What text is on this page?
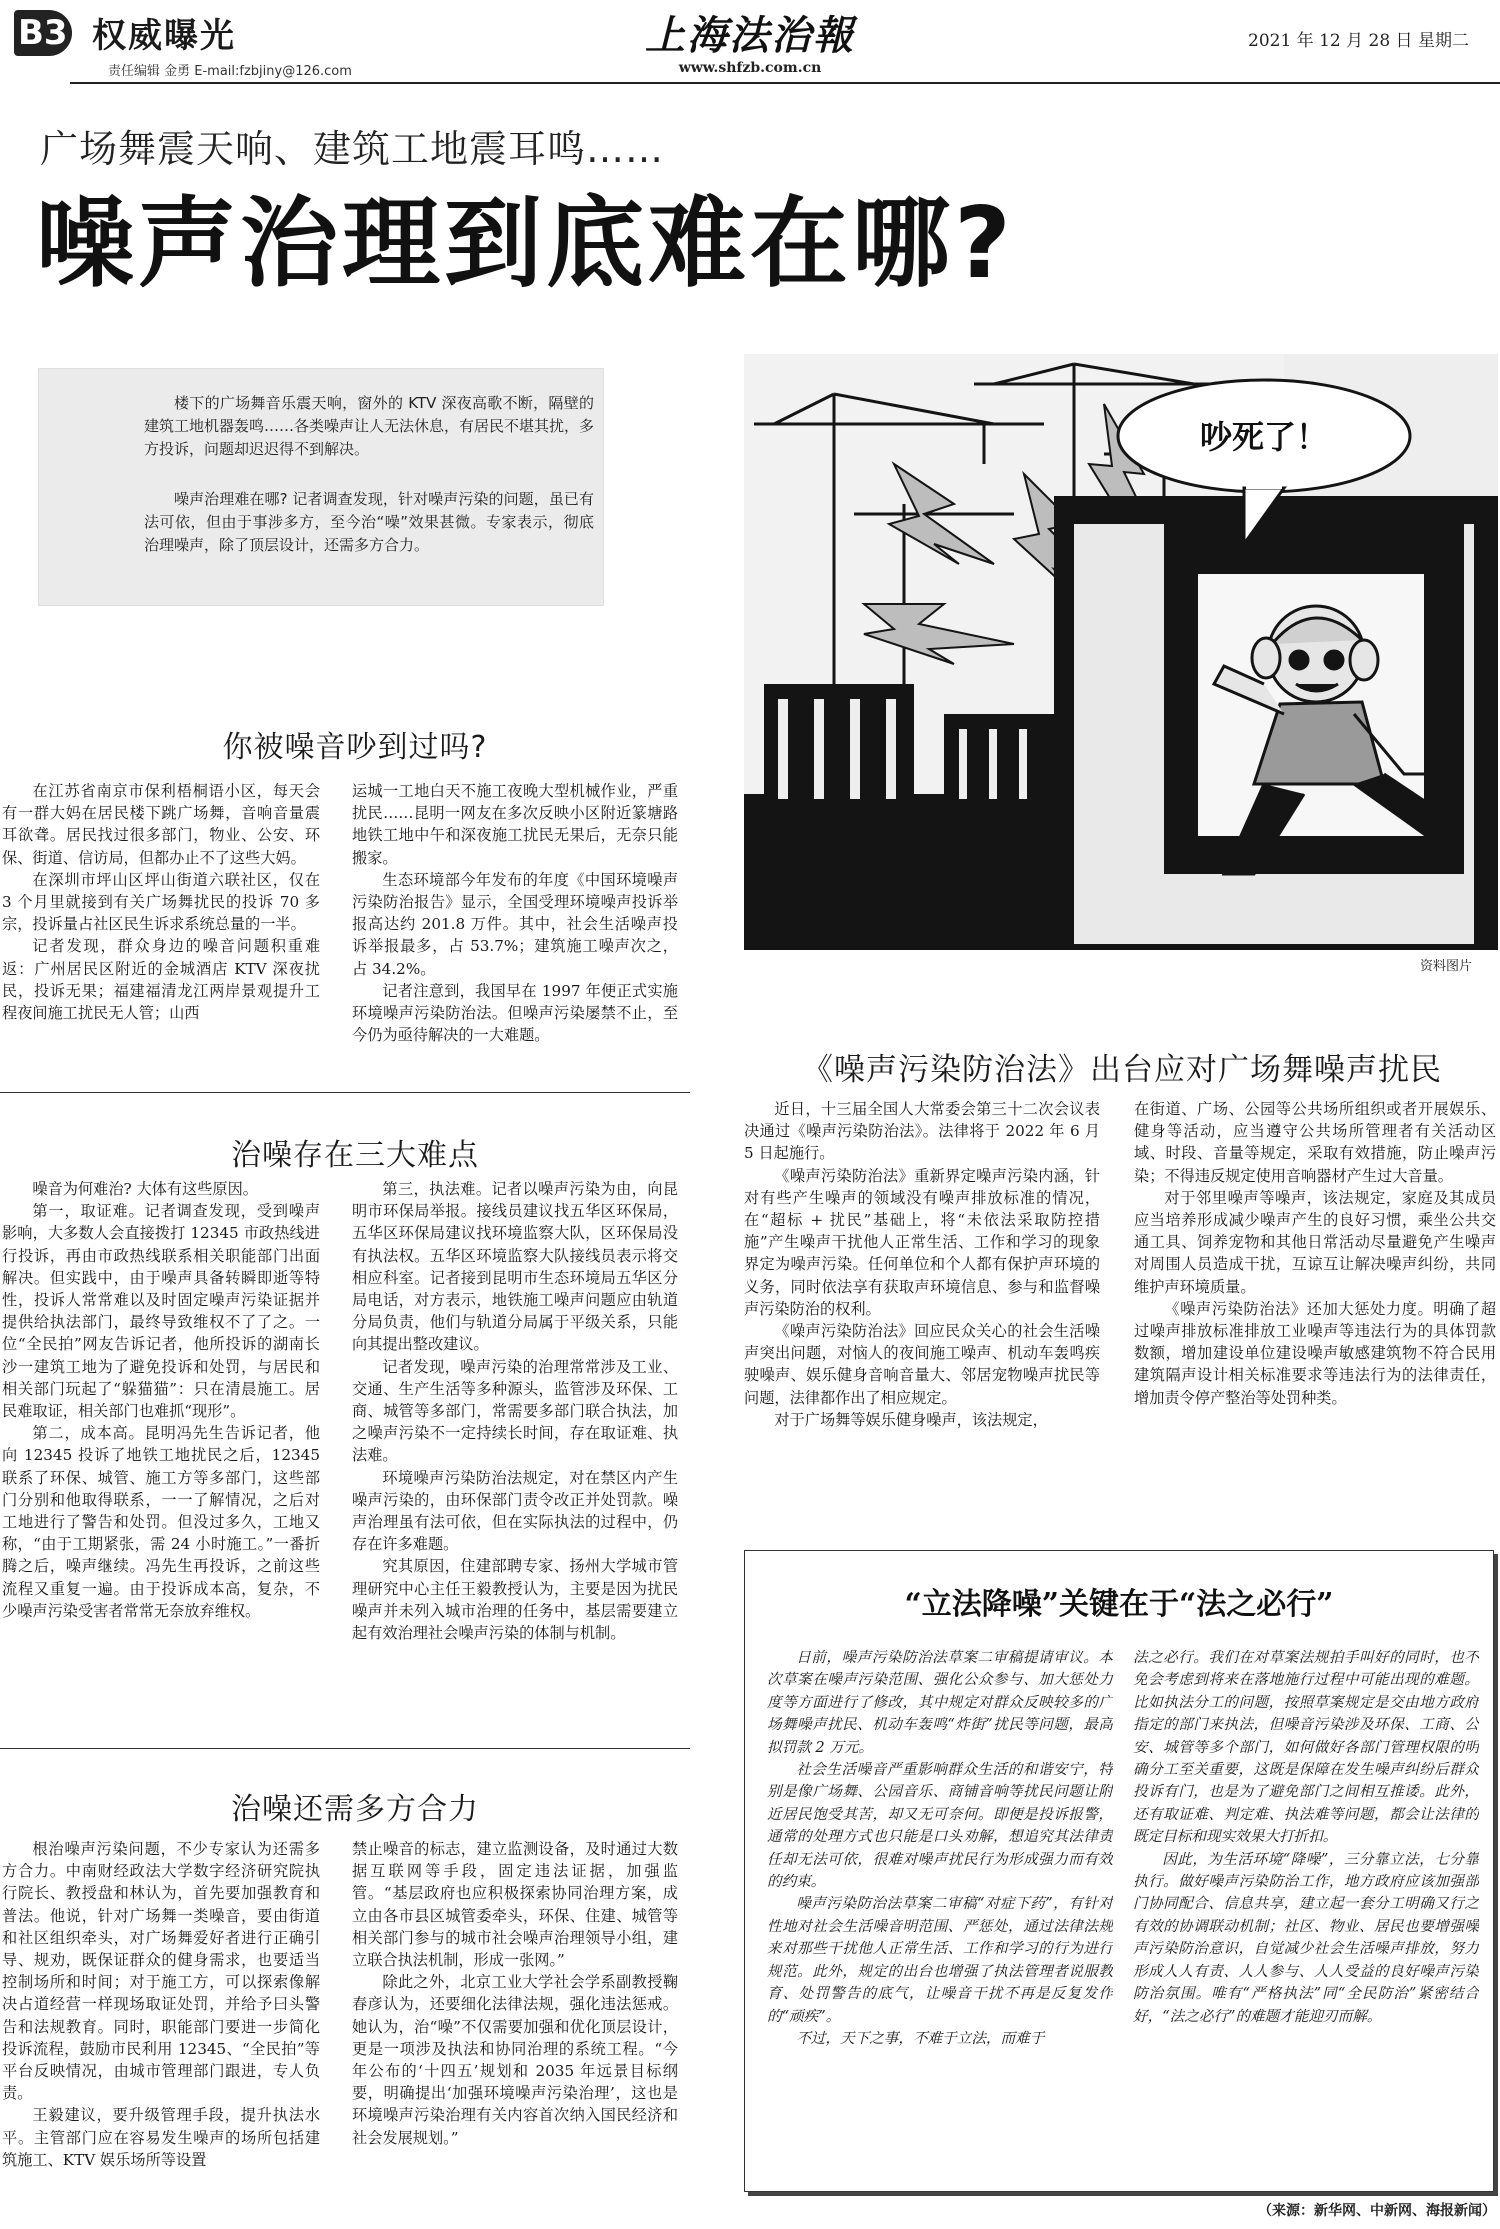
B3 权威曝光
责任编辑 金勇 E-mail:fzbjiny@126.com
上海法治報
www.shfzb.com.cn
2021 年 12 月 28 日 星期二
广场舞震天响、建筑工地震耳鸣……
噪声治理到底难在哪?
楼下的广场舞音乐震天响，窗外的 KTV 深夜高歌不断，隔壁的建筑工地机器轰鸣……各类噪声让人无法休息，有居民不堪其扰，多方投诉，问题却迟迟得不到解决。
噪声治理难在哪? 记者调查发现，针对噪声污染的问题，虽已有法可依，但由于事涉多方，至今治“噪”效果甚微。专家表示，彻底治理噪声，除了顶层设计，还需多方合力。
吵死了！
资料图片
你被噪音吵到过吗?

在江苏省南京市保利梧桐语小区，每天会有一群大妈在居民楼下跳广场舞，音响音量震耳欲聋。居民找过很多部门，物业、公安、环保、街道、信访局，但都办止不了这些大妈。

在深圳市坪山区坪山街道六联社区，仅在 3 个月里就接到有关广场舞扰民的投诉 70 多宗，投诉量占社区民生诉求系统总量的一半。

记者发现，群众身边的噪音问题积重难返：广州居民区附近的金城酒店 KTV 深夜扰民，投诉无果；福建福清龙江两岸景观提升工程夜间施工扰民无人管；山西

运城一工地白天不施工夜晚大型机械作业，严重扰民……昆明一网友在多次反映小区附近篆塘路地铁工地中午和深夜施工扰民无果后，无奈只能搬家。

生态环境部今年发布的年度《中国环境噪声污染防治报告》显示，全国受理环境噪声投诉举报高达约 201.8 万件。其中，社会生活噪声投诉举报最多，占 53.7%；建筑施工噪声次之，占 34.2%。

记者注意到，我国早在 1997 年便正式实施环境噪声污染防治法。但噪声污染屡禁不止，至今仍为亟待解决的一大难题。

治噪存在三大难点

噪音为何难治? 大体有这些原因。

第一，取证难。记者调查发现，受到噪声影响，大多数人会直接拨打 12345 市政热线进行投诉，再由市政热线联系相关职能部门出面解决。但实践中，由于噪声具备转瞬即逝等特性，投诉人常常难以及时固定噪声污染证据并提供给执法部门，最终导致维权不了了之。一位“全民拍”网友告诉记者，他所投诉的湖南长沙一建筑工地为了避免投诉和处罚，与居民和相关部门玩起了“躲猫猫”：只在清晨施工。居民难取证，相关部门也难抓“现形”。

第二，成本高。昆明冯先生告诉记者，他向 12345 投诉了地铁工地扰民之后，12345 联系了环保、城管、施工方等多部门，这些部门分别和他取得联系，一一了解情况，之后对工地进行了警告和处罚。但没过多久，工地又称，“由于工期紧张，需 24 小时施工。”一番折腾之后，噪声继续。冯先生再投诉，之前这些流程又重复一遍。由于投诉成本高，复杂，不少噪声污染受害者常常无奈放弃维权。

第三，执法难。记者以噪声污染为由，向昆明市环保局举报。接线员建议找五华区环保局，五华区环保局建议找环境监察大队，区环保局没有执法权。五华区环境监察大队接线员表示将交相应科室。记者接到昆明市生态环境局五华区分局电话，对方表示，地铁施工噪声问题应由轨道分局负责，他们与轨道分局属于平级关系，只能向其提出整改建议。

记者发现，噪声污染的治理常常涉及工业、交通、生产生活等多种源头，监管涉及环保、工商、城管等多部门，常需要多部门联合执法，加之噪声污染不一定持续长时间，存在取证难、执法难。

环境噪声污染防治法规定，对在禁区内产生噪声污染的，由环保部门责令改正并处罚款。噪声治理虽有法可依，但在实际执法的过程中，仍存在许多难题。

究其原因，住建部聘专家、扬州大学城市管理研究中心主任王毅教授认为，主要是因为扰民噪声并未列入城市治理的任务中，基层需要建立起有效治理社会噪声污染的体制与机制。

治噪还需多方合力

根治噪声污染问题，不少专家认为还需多方合力。中南财经政法大学数字经济研究院执行院长、教授盘和林认为，首先要加强教育和普法。他说，针对广场舞一类噪音，要由街道和社区组织牵头，对广场舞爱好者进行正确引导、规劝，既保证群众的健身需求，也要适当控制场所和时间；对于施工方，可以探索像解决占道经营一样现场取证处罚，并给予曰头警告和法规教育。同时，职能部门要进一步简化投诉流程，鼓励市民利用 12345、“全民拍”等平台反映情况，由城市管理部门跟进，专人负责。

王毅建议，要升级管理手段，提升执法水平。主管部门应在容易发生噪声的场所包括建筑施工、KTV 娱乐场所等设置

禁止噪音的标志，建立监测设备，及时通过大数据互联网等手段，固定违法证据，加强监管。“基层政府也应积极探索协同治理方案，成立由各市县区城管委牵头，环保、住建、城管等相关部门参与的城市社会噪声治理领导小组，建立联合执法机制，形成一张网。”

除此之外，北京工业大学社会学系副教授鞠春彦认为，还要细化法律法规，强化违法惩戒。她认为，治“噪”不仅需要加强和优化顶层设计，更是一项涉及执法和协同治理的系统工程。“今年公布的‘十四五’规划和 2035 年远景目标纲要，明确提出‘加强环境噪声污染治理’，这也是环境噪声污染治理有关内容首次纳入国民经济和社会发展规划。”

《噪声污染防治法》出台应对广场舞噪声扰民

近日，十三届全国人大常委会第三十二次会议表决通过《噪声污染防治法》。法律将于 2022 年 6 月 5 日起施行。

《噪声污染防治法》重新界定噪声污染内涵，针对有些产生噪声的领域没有噪声排放标准的情况，在“超标 + 扰民”基础上，将“未依法采取防控措施”产生噪声干扰他人正常生活、工作和学习的现象界定为噪声污染。任何单位和个人都有保护声环境的义务，同时依法享有获取声环境信息、参与和监督噪声污染防治的权利。

《噪声污染防治法》回应民众关心的社会生活噪声突出问题，对恼人的夜间施工噪声、机动车轰鸣疾驶噪声、娱乐健身音响音量大、邻居宠物噪声扰民等问题，法律都作出了相应规定。

对于广场舞等娱乐健身噪声，该法规定，

在街道、广场、公园等公共场所组织或者开展娱乐、健身等活动，应当遵守公共场所管理者有关活动区域、时段、音量等规定，采取有效措施，防止噪声污染；不得违反规定使用音响器材产生过大音量。

对于邻里噪声等噪声，该法规定，家庭及其成员应当培养形成减少噪声产生的良好习惯，乘坐公共交通工具、饲养宠物和其他日常活动尽量避免产生噪声对周围人员造成干扰，互谅互让解决噪声纠纷，共同维护声环境质量。

《噪声污染防治法》还加大惩处力度。明确了超过噪声排放标准排放工业噪声等违法行为的具体罚款数额，增加建设单位建设噪声敏感建筑物不符合民用建筑隔声设计相关标准要求等违法行为的法律责任，增加责令停产整治等处罚种类。

“立法降噪”关键在于“法之必行”

日前，噪声污染防治法草案二审稿提请审议。本次草案在噪声污染范围、强化公众参与、加大惩处力度等方面进行了修改，其中规定对群众反映较多的广场舞噪声扰民、机动车轰鸣“炸街”扰民等问题，最高拟罚款 2 万元。

社会生活噪音严重影响群众生活的和谐安宁，特别是像广场舞、公园音乐、商铺音响等扰民问题让附近居民饱受其苦，却又无可奈何。即便是投诉报警，通常的处理方式也只能是口头劝解，想追究其法律责任却无法可依，很难对噪声扰民行为形成强力而有效的约束。

噪声污染防治法草案二审稿“对症下药”，有针对性地对社会生活噪音明范围、严惩处，通过法律法规来对那些干扰他人正常生活、工作和学习的行为进行规范。此外，规定的出台也增强了执法管理者说服教育、处罚警告的底气，让噪音干扰不再是反复发作的“顽疾”。

不过，天下之事，不难于立法，而难于

法之必行。我们在对草案法规拍手叫好的同时，也不免会考虑到将来在落地施行过程中可能出现的难题。比如执法分工的问题，按照草案规定是交由地方政府指定的部门来执法，但噪音污染涉及环保、工商、公安、城管等多个部门，如何做好各部门管理权限的明确分工至关重要，这既是保障在发生噪声纠纷后群众投诉有门，也是为了避免部门之间相互推诿。此外，还有取证难、判定难、执法难等问题，都会让法律的既定目标和现实效果大打折扣。

因此，为生活环境“降噪”，三分靠立法，七分靠执行。做好噪声污染防治工作，地方政府应该加强部门协同配合、信息共享，建立起一套分工明确又行之有效的协调联动机制；社区、物业、居民也要增强噪声污染防治意识，自觉减少社会生活噪声排放，努力形成人人有责、人人参与、人人受益的良好噪声污染防治氛围。唯有“严格执法”同“全民防治”紧密结合好，“法之必行”的难题才能迎刃而解。

（来源：新华网、中新网、海报新闻）
